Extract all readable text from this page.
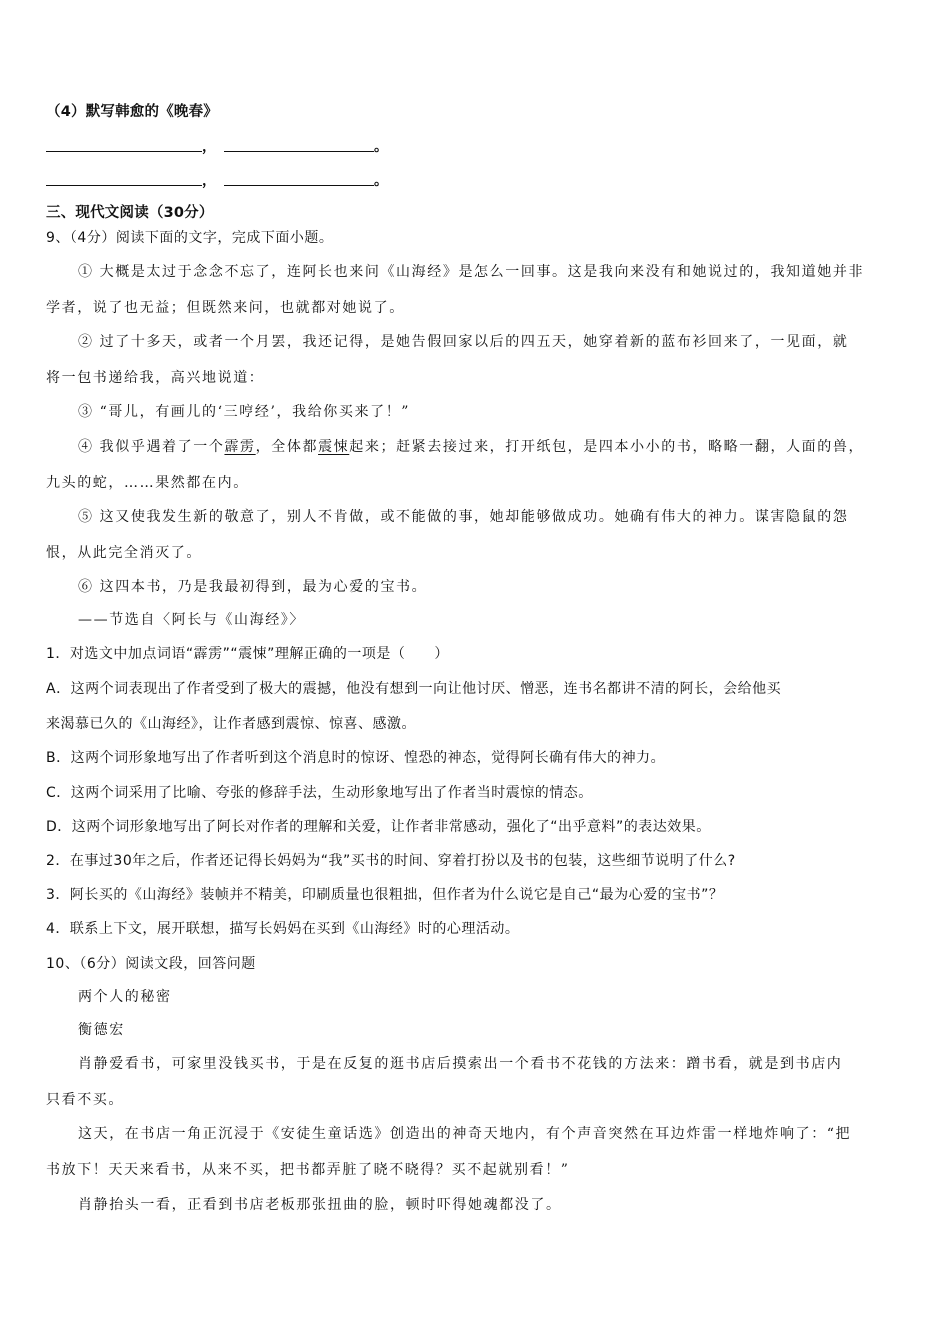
（4）默写韩愈的《晚春》
，	。
，	。
三、现代文阅读（30分）
9、（4分）阅读下面的文字，完成下面小题。
① 大概是太过于念念不忘了，连阿长也来问《山海经》是怎么一回事。这是我向来没有和她说过的，我知道她并非
学者，说了也无益；但既然来问，也就都对她说了。
② 过了十多天，或者一个月罢，我还记得，是她告假回家以后的四五天，她穿着新的蓝布衫回来了，一见面，就
将一包书递给我，高兴地说道：
③ “哥儿，有画儿的‘三哼经’，我给你买来了！”
④ 我似乎遇着了一个霹雳，全体都震悚起来；赶紧去接过来，打开纸包，是四本小小的书，略略一翻，人面的兽，
九头的蛇，……果然都在内。
⑤ 这又使我发生新的敬意了，别人不肯做，或不能做的事，她却能够做成功。她确有伟大的神力。谋害隐鼠的怨
恨，从此完全消灭了。
⑥ 这四本书，乃是我最初得到，最为心爱的宝书。
——节选自〈阿长与《山海经》〉
1．对选文中加点词语“霹雳”“震悚”理解正确的一项是（　　）
A．这两个词表现出了作者受到了极大的震撼，他没有想到一向让他讨厌、憎恶，连书名都讲不清的阿长，会给他买
来渴慕已久的《山海经》，让作者感到震惊、惊喜、感激。
B．这两个词形象地写出了作者听到这个消息时的惊讶、惶恐的神态，觉得阿长确有伟大的神力。
C．这两个词采用了比喻、夸张的修辞手法，生动形象地写出了作者当时震惊的情态。
D．这两个词形象地写出了阿长对作者的理解和关爱，让作者非常感动，强化了“出乎意料”的表达效果。
2．在事过30年之后，作者还记得长妈妈为“我”买书的时间、穿着打扮以及书的包装，这些细节说明了什么?
3．阿长买的《山海经》装帧并不精美，印刷质量也很粗拙，但作者为什么说它是自己“最为心爱的宝书”？
4．联系上下文，展开联想，描写长妈妈在买到《山海经》时的心理活动。
10、（6分）阅读文段，回答问题
两个人的秘密
衡德宏
肖静爱看书，可家里没钱买书，于是在反复的逛书店后摸索出一个看书不花钱的方法来：蹭书看，就是到书店内
只看不买。
这天，在书店一角正沉浸于《安徒生童话选》创造出的神奇天地内，有个声音突然在耳边炸雷一样地炸响了：“把
书放下！天天来看书，从来不买，把书都弄脏了晓不晓得？买不起就别看！”
肖静抬头一看，正看到书店老板那张扭曲的脸，顿时吓得她魂都没了。
